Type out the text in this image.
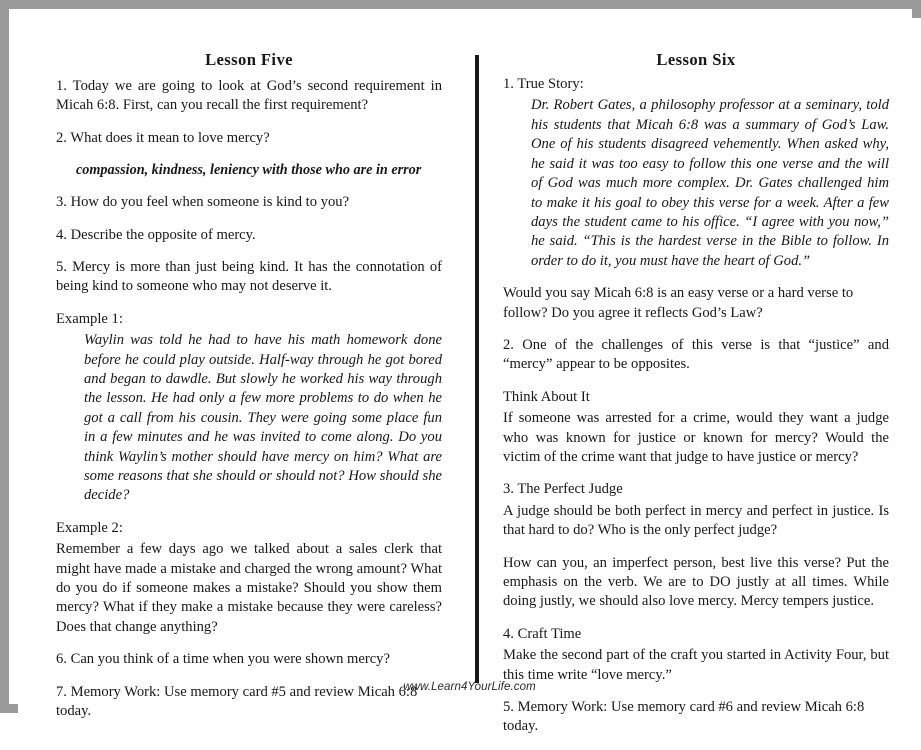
Lesson Five

1. Today we are going to look at God’s second requirement in Micah 6:8. First, can you recall the first requirement?

2. What does it mean to love mercy?

compassion, kindness, leniency with those who are in error

3. How do you feel when someone is kind to you?

4. Describe the opposite of mercy.

5. Mercy is more than just being kind. It has the connotation of being kind to someone who may not deserve it.

Example 1:

Waylin was told he had to have his math homework done before he could play outside. Half-way through he got bored and began to dawdle. But slowly he worked his way through the lesson. He had only a few more problems to do when he got a call from his cousin. They were going some place fun in a few minutes and he was invited to come along. Do you think Waylin’s mother should have mercy on him? What are some reasons that she should or should not? How should she decide?

Example 2:

Remember a few days ago we talked about a sales clerk that might have made a mistake and charged the wrong amount? What do you do if someone makes a mistake? Should you show them mercy? What if they make a mistake because they were careless? Does that change anything?

6. Can you think of a time when you were shown mercy?

7. Memory Work: Use memory card #5 and review Micah 6:8 today.

Lesson Six

1. True Story:

Dr. Robert Gates, a philosophy professor at a seminary, told his students that Micah 6:8 was a summary of God’s Law. One of his students disagreed vehemently. When asked why, he said it was too easy to follow this one verse and the will of God was much more complex. Dr. Gates challenged him to make it his goal to obey this verse for a week. After a few days the student came to his office. “I agree with you now,” he said. “This is the hardest verse in the Bible to follow. In order to do it, you must have the heart of God.”

Would you say Micah 6:8 is an easy verse or a hard verse to follow? Do you agree it reflects God’s Law?

2. One of the challenges of this verse is that “justice” and “mercy” appear to be opposites.

Think About It

If someone was arrested for a crime, would they want a judge who was known for justice or known for mercy? Would the victim of the crime want that judge to have justice or mercy?

3. The Perfect Judge

A judge should be both perfect in mercy and perfect in justice. Is that hard to do? Who is the only perfect judge?

How can you, an imperfect person, best live this verse? Put the emphasis on the verb. We are to DO justly at all times. While doing justly, we should also love mercy. Mercy tempers justice.

4. Craft Time

Make the second part of the craft you started in Activity Four, but this time write “love mercy.”

5. Memory Work: Use memory card #6 and review Micah 6:8 today.

www.Learn4YourLife.com
